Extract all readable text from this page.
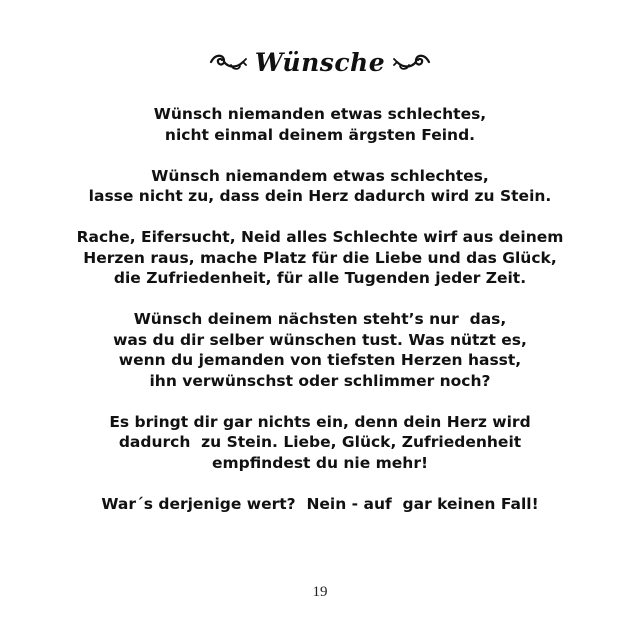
Wünsche
Wünsch niemanden etwas schlechtes,
nicht einmal deinem ärgsten Feind.
Wünsch niemandem etwas schlechtes,
lasse nicht zu, dass dein Herz dadurch wird zu Stein.
Rache, Eifersucht, Neid alles Schlechte wirf aus deinem
Herzen raus, mache Platz für die Liebe und das Glück,
die Zufriedenheit, für alle Tugenden jeder Zeit.
Wünsch deinem nächsten steht’s nur  das,
was du dir selber wünschen tust. Was nützt es,
wenn du jemanden von tiefsten Herzen hasst,
ihn verwünschst oder schlimmer noch?
Es bringt dir gar nichts ein, denn dein Herz wird
dadurch  zu Stein. Liebe, Glück, Zufriedenheit
empfindest du nie mehr!
War´s derjenige wert?  Nein - auf  gar keinen Fall!
19
